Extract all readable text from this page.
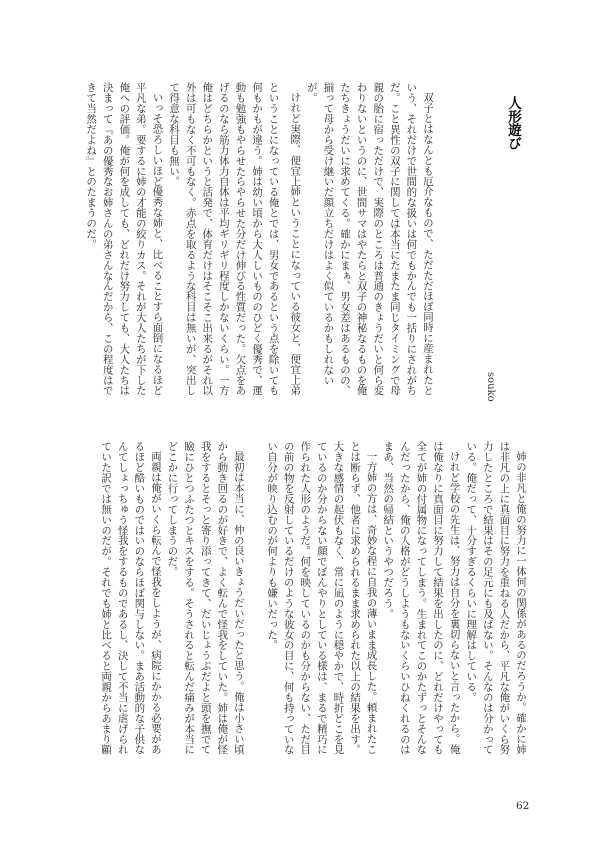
人形遊び
souko
双子とはなんとも厄介なもので、ただただほぼ同時に産まれたと
いう、それだけで世間的な扱いは何でもかんでも一括りにされがち
だ。こと異性の双子に関しては本当にたまたま同じタイミングで母
親の胎に宿っただけで、実際のところは普通のきょうだいと何ら変
わりないというのに、世間サマはやたらと双子の神秘なるものを俺
たちきょうだいに求めてくる。確かにまぁ、男女差はあるものの、
揃って母から受け継いだ顔立ちだけはよく似ているかもしれない
が。
けれど実際、便宜上姉ということになっている彼女と、便宜上弟
ということになっている俺とでは、男女であるという点を除いても
何もかもが違う。姉は幼い頃から大人しいもののひどく優秀で、運
動も勉強もやらせたらやらせた分だけ伸びる性質だった。欠点をあ
げるのなら筋力体力自体は平均ギリギリ程度しかないくらい。一方
俺はどちらかというと活発で、体育だけはそこそこ出来るがそれ以
外は可もなく不可もなく。赤点を取るような科目は無いが、突出し
て得意な科目も無い。
いっそ恐ろしいほど優秀な姉と、比べることすら面倒になるほど
平凡な弟。要するに姉の才能の絞りカス。それが大人たちが下した
俺への評価。俺が何を成しても、どれだけ努力しても、大人たちは
決まって『あの優秀なお姉さんの弟さんなんだから、この程度はで
きて当然だよね』とのたまうのだ。
姉の非凡と俺の努力に一体何の関係があるのだろうか。確かに姉
は非凡の上に真面目に努力を重ねる人だから、平凡な俺がいくら努
力したところで結果はその足元にも及ばない。そんなのは分かって
いる。俺だって、十分すぎるくらいに理解はしている。
けれど学校の先生は、努力は自分を裏切らないと言ったから。俺
は俺なりに真面目に努力して結果を出したのに、どれだけやっても
全てが姉の付属物になってしまう。生まれてこのかたずっとそんな
んだったから、俺の人格がどうしようもないくらいひねくれるのは
まあ、当然の帰結というやつだろう。
一方姉の方は、奇妙な程に自我の薄いまま成長した。頼まれたこ
とは断らず、他者に求められるまま求められた以上の結果を出す。
大きな感情の起伏もなく、常に凪のように穏やかで、時折どこを見
ているのか分からない顔でぼんやりとしている様は、まるで精巧に
作られた人形のようだ。何を映しているのかも分からない、ただ目
の前の物を反射しているだけのような彼女の目に、何も持っていな
い自分が映り込むのが何よりも嫌いだった。
最初は本当に、仲の良いきょうだいだったと思う。俺は小さい頃
から動き回るのが好きで、よく転んで怪我をしていた。姉は俺が怪
我をするとそっと寄り添ってきて、だいじょうぶだよと頭を撫でて
瞼にひとつふたつとキスをする。そうされると転んだ痛みが本当に
どこかに行ってしまうのだ。
両親は俺がいくら転んで怪我をしようが、病院にかかる必要があ
るほど酷いものではいのならほぼ関与しない。まあ活動的な子供な
んてしょっちゅう怪我をするものであるし、決して不当に虐げられ
ていた訳では無いのだが。それでも姉と比べると両親からあまり顧
62
